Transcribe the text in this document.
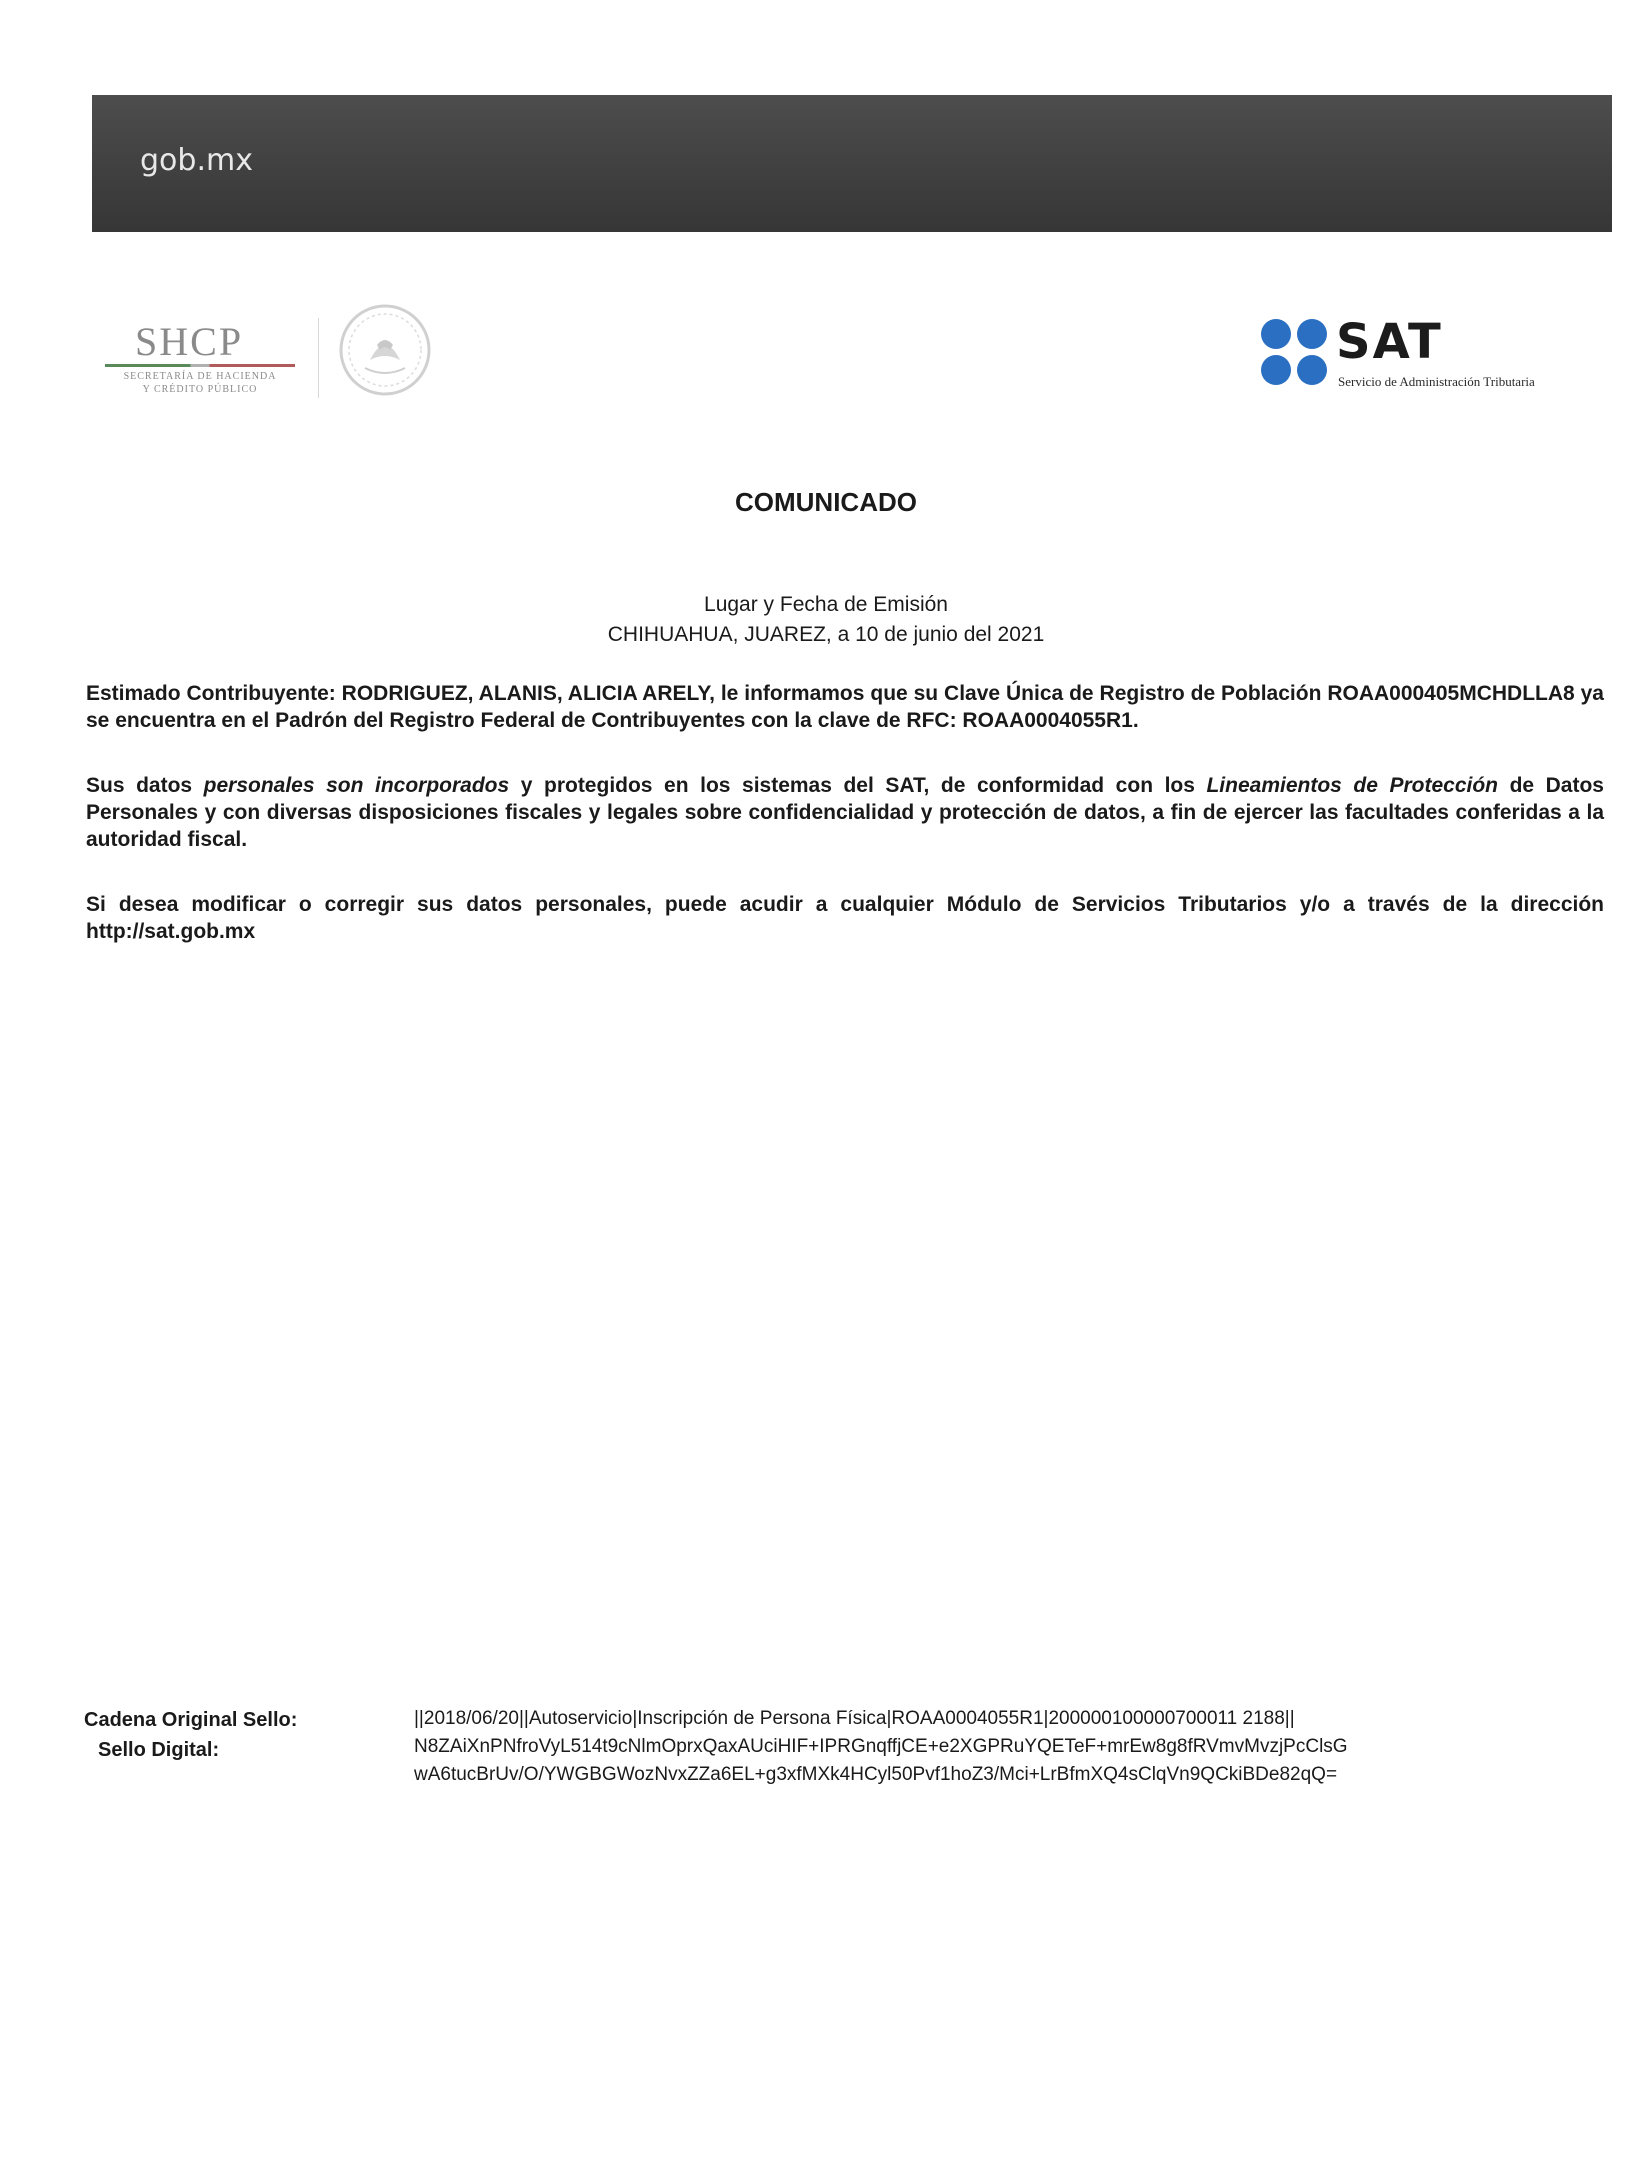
gob.mx
SHCP
SECRETARÍA DE HACIENDA
Y CRÉDITO PÚBLICO
SAT
Servicio de Administración Tributaria
COMUNICADO
Lugar y Fecha de Emisión
CHIHUAHUA, JUAREZ, a 10 de junio del 2021
Estimado Contribuyente: RODRIGUEZ, ALANIS, ALICIA ARELY, le informamos que su Clave Única de Registro de Población ROAA000405MCHDLLA8 ya se encuentra en el Padrón del Registro Federal de Contribuyentes con la clave de RFC: ROAA0004055R1.
Sus datos personales son incorporados y protegidos en los sistemas del SAT, de conformidad con los Lineamientos de Protección de Datos Personales y con diversas disposiciones fiscales y legales sobre confidencialidad y protección de datos, a fin de ejercer las facultades conferidas a la autoridad fiscal.
Si desea modificar o corregir sus datos personales, puede acudir a cualquier Módulo de Servicios Tributarios y/o a través de la dirección http://sat.gob.mx
Cadena Original Sello:
Sello Digital:
||2018/06/20||Autoservicio|Inscripción de Persona Física|ROAA0004055R1|200000100000700011 2188||
N8ZAiXnPNfroVyL514t9cNlmOprxQaxAUciHIF+IPRGnqffjCE+e2XGPRuYQETeF+mrEw8g8fRVmvMvzjPcClsG
wA6tucBrUv/O/YWGBGWozNvxZZa6EL+g3xfMXk4HCyl50Pvf1hoZ3/Mci+LrBfmXQ4sClqVn9QCkiBDe82qQ=
